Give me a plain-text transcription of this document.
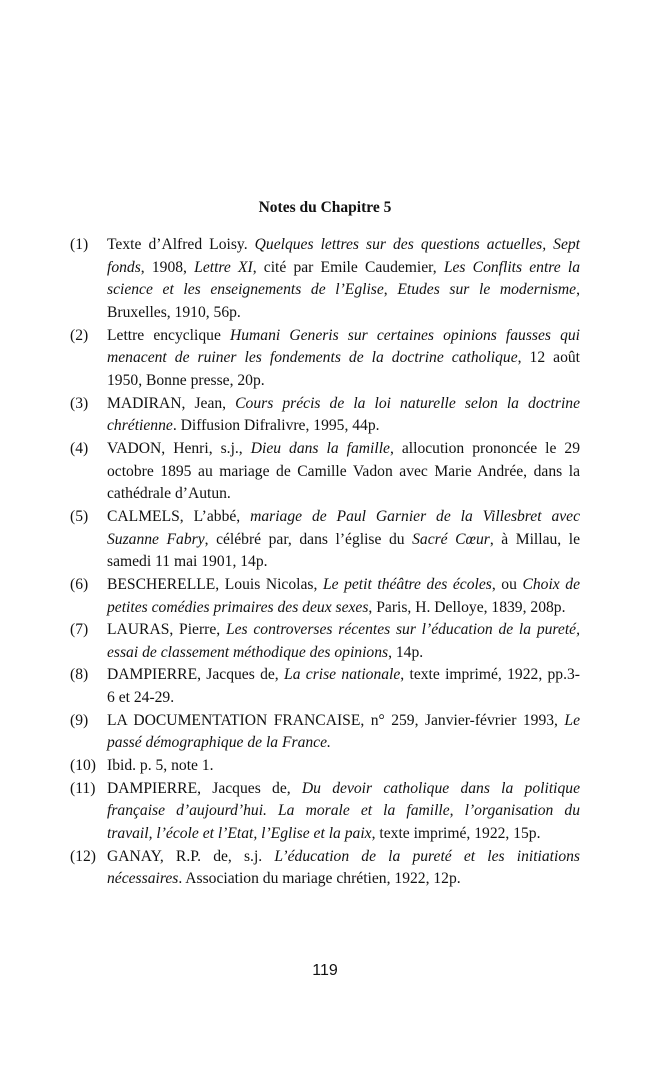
Notes du Chapitre 5
(1)	Texte d’Alfred Loisy. Quelques lettres sur des questions actuelles, Sept
fonds, 1908, Lettre XI, cité par Emile Caudemier, Les Conflits entre la
science et les enseignements de l’Eglise, Etudes sur le modernisme,
Bruxelles, 1910, 56p.
(2)	Lettre encyclique Humani Generis sur certaines opinions fausses qui
menacent de ruiner les fondements de la doctrine catholique, 12 août
1950, Bonne presse, 20p.
(3)	MADIRAN, Jean, Cours précis de la loi naturelle selon la doctrine
chrétienne. Diffusion Difralivre, 1995, 44p.
(4)	VADON, Henri, s.j., Dieu dans la famille, allocution prononcée le 29
octobre 1895 au mariage de Camille Vadon avec Marie Andrée, dans la
cathédrale d’Autun.
(5)	CALMELS, L’abbé, mariage de Paul Garnier de la Villesbret avec
Suzanne Fabry, célébré par, dans l’église du Sacré Cœur, à Millau, le
samedi 11 mai 1901, 14p.
(6)	BESCHERELLE, Louis Nicolas, Le petit théâtre des écoles, ou Choix de
petites comédies primaires des deux sexes, Paris, H. Delloye, 1839, 208p.
(7)	LAURAS, Pierre, Les controverses récentes sur l’éducation de la pureté,
essai de classement méthodique des opinions, 14p.
(8)	DAMPIERRE, Jacques de, La crise nationale, texte imprimé, 1922, pp.3-
6 et 24-29.
(9)	LA DOCUMENTATION FRANCAISE, n° 259, Janvier-février 1993, Le
passé démographique de la France.
(10) Ibid. p. 5, note 1.
(11) DAMPIERRE, Jacques de, Du devoir catholique dans la politique
française d’aujourd’hui. La morale et la famille, l’organisation du
travail, l’école et l’Etat, l’Eglise et la paix, texte imprimé, 1922, 15p.
(12) GANAY, R.P. de, s.j. L’éducation de la pureté et les initiations
nécessaires. Association du mariage chrétien, 1922, 12p.
119
